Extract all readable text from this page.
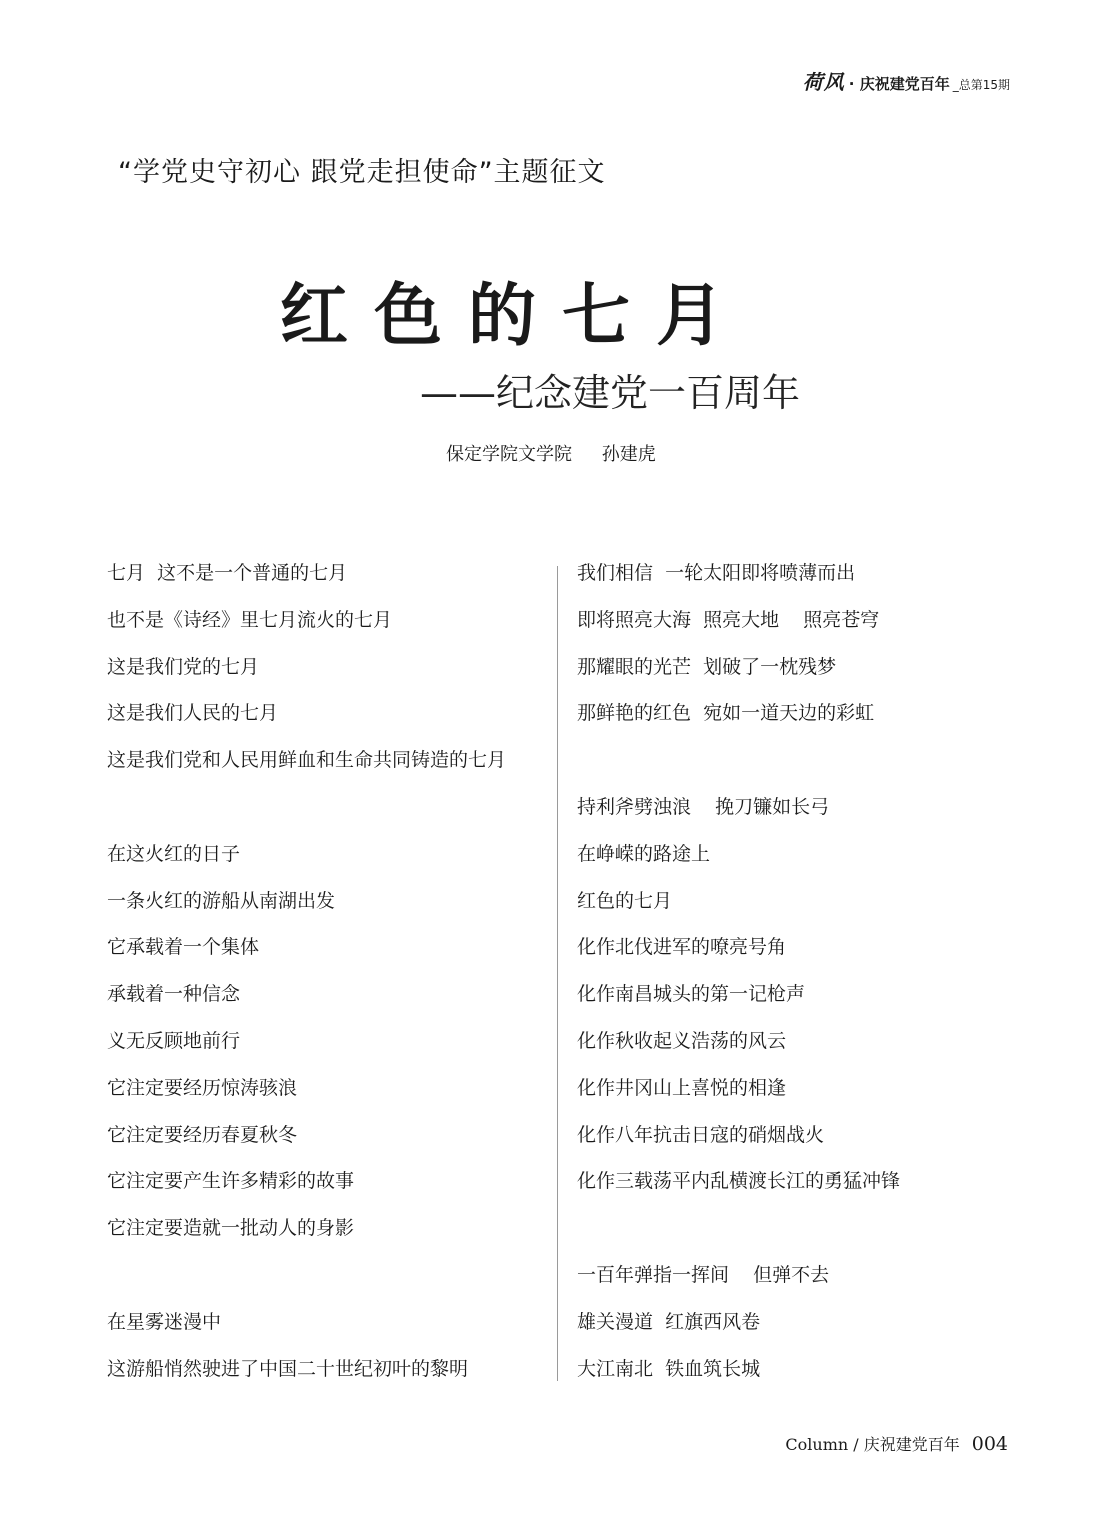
荷风 · 庆祝建党百年 _总第15期
“学党史守初心 跟党走担使命”主题征文
红色的七月
——纪念建党一百周年
保定学院文学院 孙建虎
七月  这不是一个普通的七月
也不是《诗经》里七月流火的七月
这是我们党的七月
这是我们人民的七月
这是我们党和人民用鲜血和生命共同铸造的七月
在这火红的日子
一条火红的游船从南湖出发
它承载着一个集体
承载着一种信念
义无反顾地前行
它注定要经历惊涛骇浪
它注定要经历春夏秋冬
它注定要产生许多精彩的故事
它注定要造就一批动人的身影
在星雾迷漫中
这游船悄然驶进了中国二十世纪初叶的黎明
我们相信  一轮太阳即将喷薄而出
即将照亮大海  照亮大地    照亮苍穹
那耀眼的光芒  划破了一枕残梦
那鲜艳的红色  宛如一道天边的彩虹
持利斧劈浊浪    挽刀镰如长弓
在峥嵘的路途上
红色的七月
化作北伐进军的嘹亮号角
化作南昌城头的第一记枪声
化作秋收起义浩荡的风云
化作井冈山上喜悦的相逢
化作八年抗击日寇的硝烟战火
化作三载荡平内乱横渡长江的勇猛冲锋
一百年弹指一挥间    但弹不去
雄关漫道  红旗西风卷
大江南北  铁血筑长城
Column / 庆祝建党百年 004
